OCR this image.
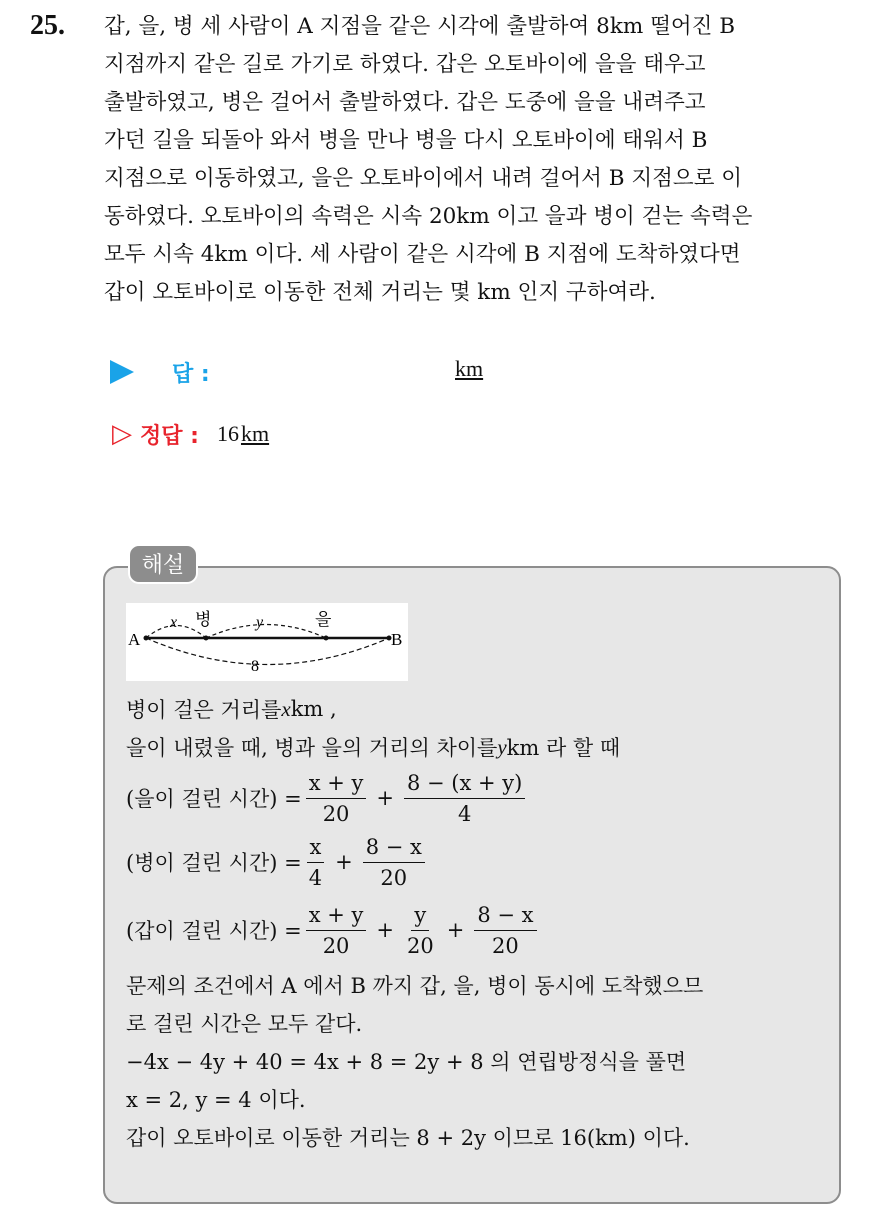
25. 갑, 을, 병 세 사람이 A 지점을 같은 시각에 출발하여 8km 떨어진 B
지점까지 같은 길로 가기로 하였다. 갑은 오토바이에 을을 태우고
출발하였고, 병은 걸어서 출발하였다. 갑은 도중에 을을 내려주고
가던 길을 되돌아 와서 병을 만나 병을 다시 오토바이에 태워서 B
지점으로 이동하였고, 을은 오토바이에서 내려 걸어서 B 지점으로 이
동하였다. 오토바이의 속력은 시속 20km 이고 을과 병이 걷는 속력은
모두 시속 4km 이다. 세 사람이 같은 시각에 B 지점에 도착하였다면
갑이 오토바이로 이동한 전체 거리는 몇 km 인지 구하여라.
답 :	km
▷ 정답 : 16 km
해설
A	B
x	y
병	을
8
병이 걸은 거리를 x km ,
을이 내렸을 때, 병과 을의 거리의 차이를 y km 라 할 때
(을이 걸린 시간) = $\frac{x + y}{20} + \frac{8 - (x + y)}{4}$
(병이 걸린 시간) = $\frac{x}{4} + \frac{8 - x}{20}$
(갑이 걸린 시간) = $\frac{x + y}{20} + \frac{y}{20} + \frac{8 - x}{20}$
문제의 조건에서 A 에서 B 까지 갑, 을, 병이 동시에 도착했으므
로 걸린 시간은 모두 같다.
−4x − 4y + 40 = 4x + 8 = 2y + 8 의 연립방정식을 풀면
x = 2, y = 4 이다.
갑이 오토바이로 이동한 거리는 8 + 2y 이므로 16(km) 이다.
